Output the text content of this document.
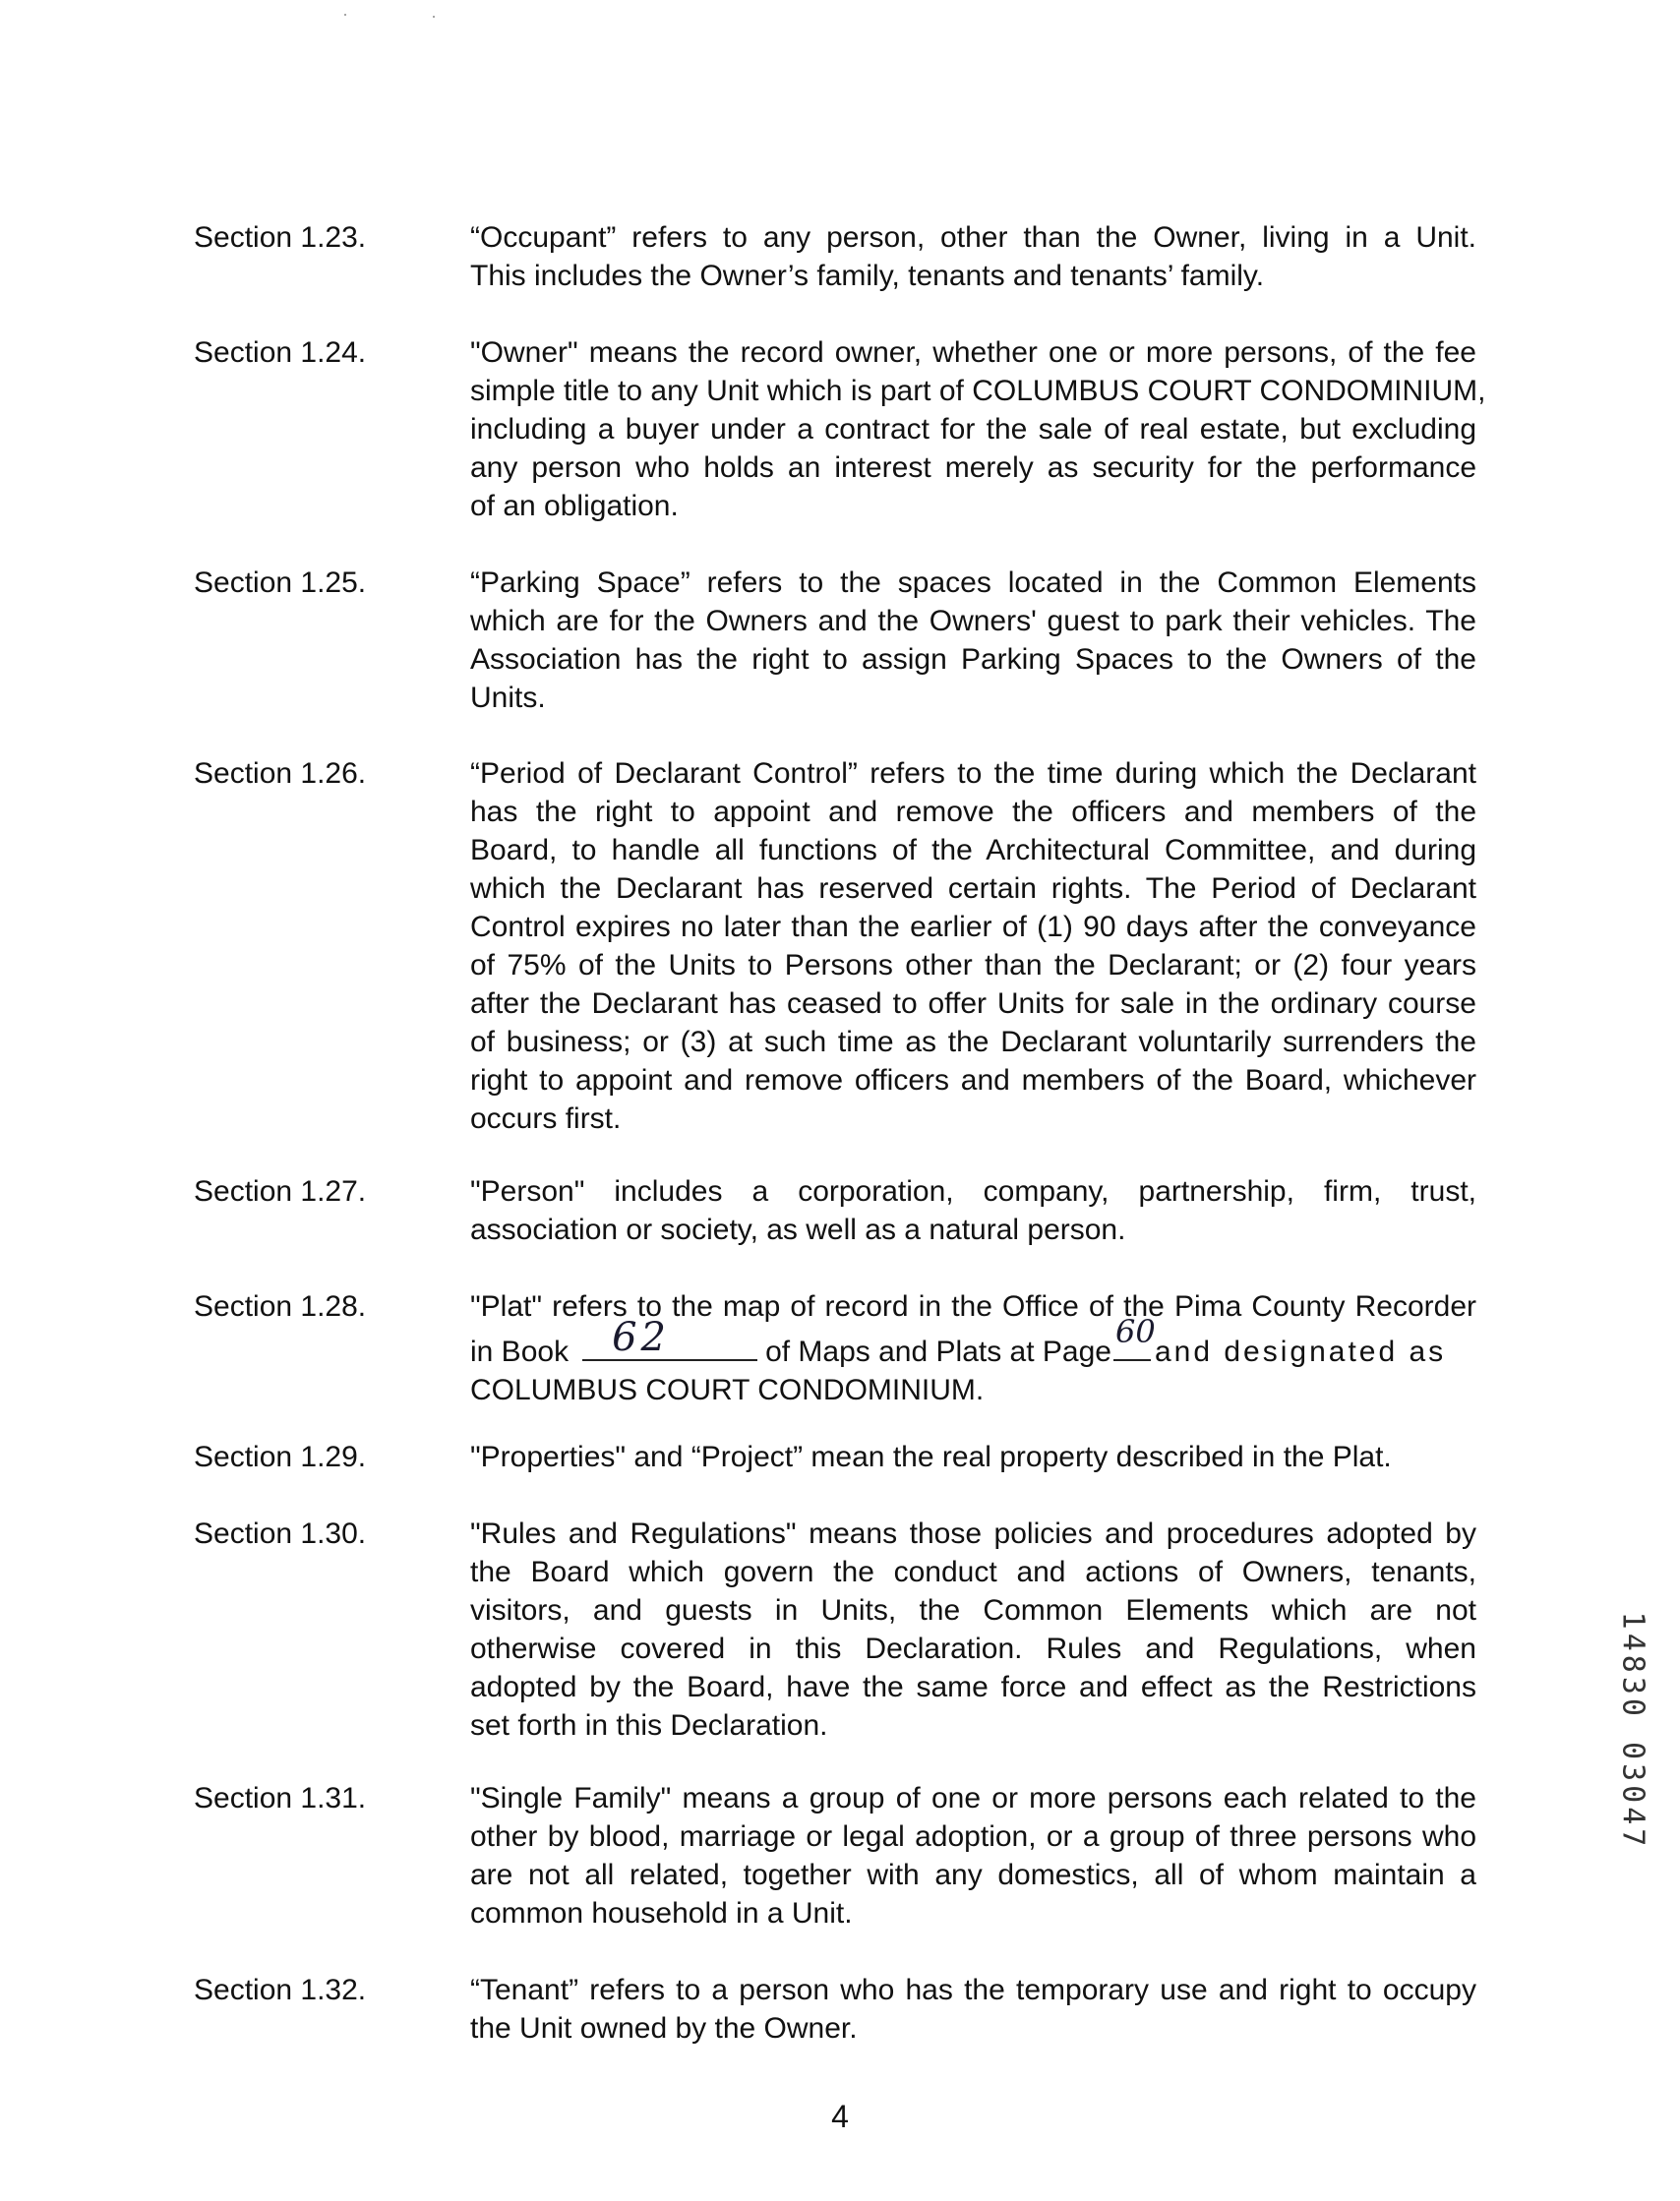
Section 1.23.	“Occupant” refers to any person, other than the Owner, living in a Unit.
This includes the Owner’s family, tenants and tenants’ family.
Section 1.24.	"Owner" means the record owner, whether one or more persons, of the fee
simple title to any Unit which is part of COLUMBUS COURT CONDOMINIUM,
including a buyer under a contract for the sale of real estate, but excluding
any person who holds an interest merely as security for the performance
of an obligation.
Section 1.25.	“Parking Space” refers to the spaces located in the Common Elements
which are for the Owners and the Owners' guest to park their vehicles. The
Association has the right to assign Parking Spaces to the Owners of the
Units.
Section 1.26.	“Period of Declarant Control” refers to the time during which the Declarant
has the right to appoint and remove the officers and members of the
Board, to handle all functions of the Architectural Committee, and during
which the Declarant has reserved certain rights. The Period of Declarant
Control expires no later than the earlier of (1) 90 days after the conveyance
of 75% of the Units to Persons other than the Declarant; or (2) four years
after the Declarant has ceased to offer Units for sale in the ordinary course
of business; or (3) at such time as the Declarant voluntarily surrenders the
right to appoint and remove officers and members of the Board, whichever
occurs first.
Section 1.27.	"Person" includes a corporation, company, partnership, firm, trust,
association or society, as well as a natural person.
Section 1.28.	"Plat" refers to the map of record in the Office of the Pima County Recorder
in Book 62	of Maps and Plats at Page
60
and designated as
COLUMBUS COURT CONDOMINIUM.
Section 1.29.	"Properties" and “Project” mean the real property described in the Plat.
Section 1.30.	"Rules and Regulations" means those policies and procedures adopted by
the Board which govern the conduct and actions of Owners, tenants,
visitors, and guests in Units, the Common Elements which are not
otherwise covered in this Declaration. Rules and Regulations, when
adopted by the Board, have the same force and effect as the Restrictions
set forth in this Declaration.
Section 1.31.	"Single Family" means a group of one or more persons each related to the
other by blood, marriage or legal adoption, or a group of three persons who
are not all related, together with any domestics, all of whom maintain a
common household in a Unit.
Section 1.32.	“Tenant” refers to a person who has the temporary use and right to occupy
the Unit owned by the Owner.
14830 03047
4
